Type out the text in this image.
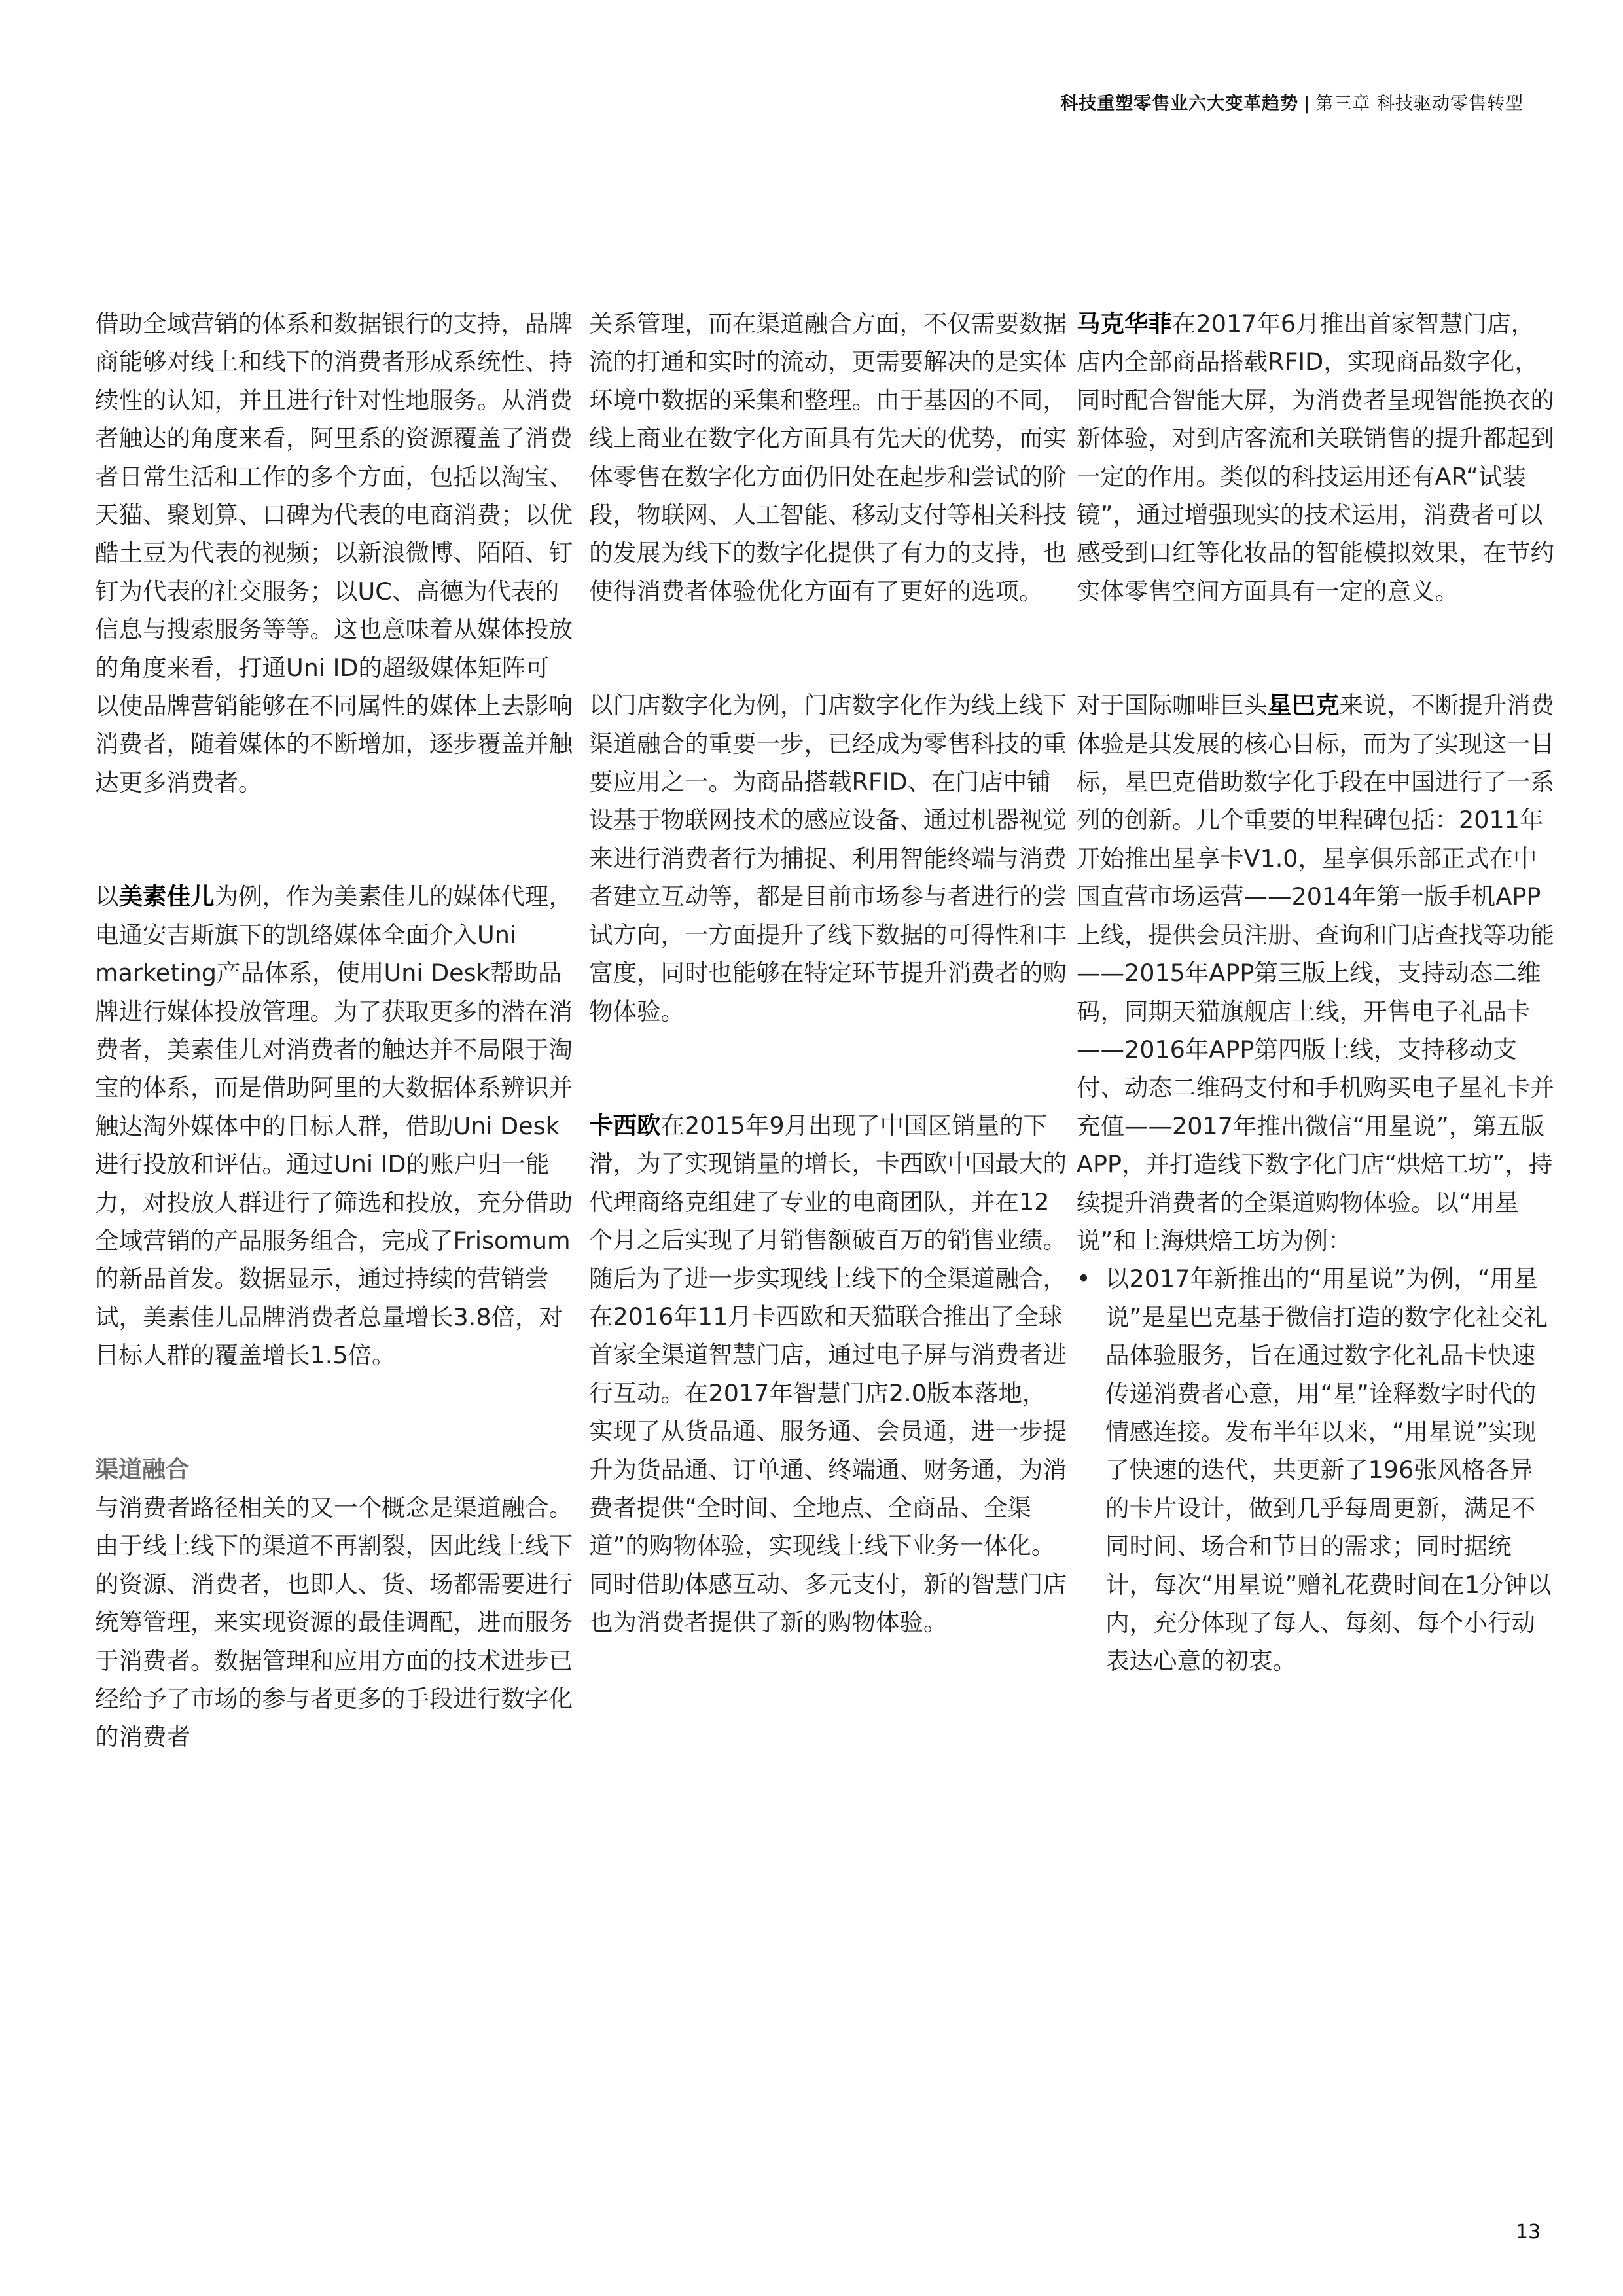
科技重塑零售业六大变革趋势 | 第三章 科技驱动零售转型

借助全域营销的体系和数据银行的支持，品牌商能够对线上和线下的消费者形成系统性、持续性的认知，并且进行针对性地服务。从消费者触达的角度来看，阿里系的资源覆盖了消费者日常生活和工作的多个方面，包括以淘宝、天猫、聚划算、口碑为代表的电商消费；以优酷土豆为代表的视频；以新浪微博、陌陌、钉钉为代表的社交服务；以UC、高德为代表的信息与搜索服务等等。这也意味着从媒体投放的角度来看，打通Uni ID的超级媒体矩阵可以使品牌营销能够在不同属性的媒体上去影响消费者，随着媒体的不断增加，逐步覆盖并触达更多消费者。

以美素佳儿为例，作为美素佳儿的媒体代理，电通安吉斯旗下的凯络媒体全面介入Uni marketing产品体系，使用Uni Desk帮助品牌进行媒体投放管理。为了获取更多的潜在消费者，美素佳儿对消费者的触达并不局限于淘宝的体系，而是借助阿里的大数据体系辨识并触达淘外媒体中的目标人群，借助Uni Desk进行投放和评估。通过Uni ID的账户归一能力，对投放人群进行了筛选和投放，充分借助全域营销的产品服务组合，完成了Frisomum的新品首发。数据显示，通过持续的营销尝试，美素佳儿品牌消费者总量增长3.8倍，对目标人群的覆盖增长1.5倍。

渠道融合

与消费者路径相关的又一个概念是渠道融合。由于线上线下的渠道不再割裂，因此线上线下的资源、消费者，也即人、货、场都需要进行统筹管理，来实现资源的最佳调配，进而服务于消费者。数据管理和应用方面的技术进步已经给予了市场的参与者更多的手段进行数字化的消费者

关系管理，而在渠道融合方面，不仅需要数据流的打通和实时的流动，更需要解决的是实体环境中数据的采集和整理。由于基因的不同，线上商业在数字化方面具有先天的优势，而实体零售在数字化方面仍旧处在起步和尝试的阶段，物联网、人工智能、移动支付等相关科技的发展为线下的数字化提供了有力的支持，也使得消费者体验优化方面有了更好的选项。

以门店数字化为例，门店数字化作为线上线下渠道融合的重要一步，已经成为零售科技的重要应用之一。为商品搭载RFID、在门店中铺设基于物联网技术的感应设备、通过机器视觉来进行消费者行为捕捉、利用智能终端与消费者建立互动等，都是目前市场参与者进行的尝试方向，一方面提升了线下数据的可得性和丰富度，同时也能够在特定环节提升消费者的购物体验。

卡西欧在2015年9月出现了中国区销量的下滑，为了实现销量的增长，卡西欧中国最大的代理商络克组建了专业的电商团队，并在12个月之后实现了月销售额破百万的销售业绩。随后为了进一步实现线上线下的全渠道融合，在2016年11月卡西欧和天猫联合推出了全球首家全渠道智慧门店，通过电子屏与消费者进行互动。在2017年智慧门店2.0版本落地，实现了从货品通、服务通、会员通，进一步提升为货品通、订单通、终端通、财务通，为消费者提供“全时间、全地点、全商品、全渠道”的购物体验，实现线上线下业务一体化。同时借助体感互动、多元支付，新的智慧门店也为消费者提供了新的购物体验。

马克华菲在2017年6月推出首家智慧门店，店内全部商品搭载RFID，实现商品数字化，同时配合智能大屏，为消费者呈现智能换衣的新体验，对到店客流和关联销售的提升都起到一定的作用。类似的科技运用还有AR“试装镜”，通过增强现实的技术运用，消费者可以感受到口红等化妆品的智能模拟效果，在节约实体零售空间方面具有一定的意义。

对于国际咖啡巨头星巴克来说，不断提升消费体验是其发展的核心目标，而为了实现这一目标，星巴克借助数字化手段在中国进行了一系列的创新。几个重要的里程碑包括：2011年开始推出星享卡V1.0，星享俱乐部正式在中国直营市场运营——2014年第一版手机APP上线，提供会员注册、查询和门店查找等功能——2015年APP第三版上线，支持动态二维码，同期天猫旗舰店上线，开售电子礼品卡——2016年APP第四版上线，支持移动支付、动态二维码支付和手机购买电子星礼卡并充值——2017年推出微信“用星说”，第五版APP，并打造线下数字化门店“烘焙工坊”，持续提升消费者的全渠道购物体验。以“用星说”和上海烘焙工坊为例：

• 以2017年新推出的“用星说”为例，“用星说”是星巴克基于微信打造的数字化社交礼品体验服务，旨在通过数字化礼品卡快速传递消费者心意，用“星”诠释数字时代的情感连接。发布半年以来，“用星说”实现了快速的迭代，共更新了196张风格各异的卡片设计，做到几乎每周更新，满足不同时间、场合和节日的需求；同时据统计，每次“用星说”赠礼花费时间在1分钟以内，充分体现了每人、每刻、每个小行动表达心意的初衷。

13
